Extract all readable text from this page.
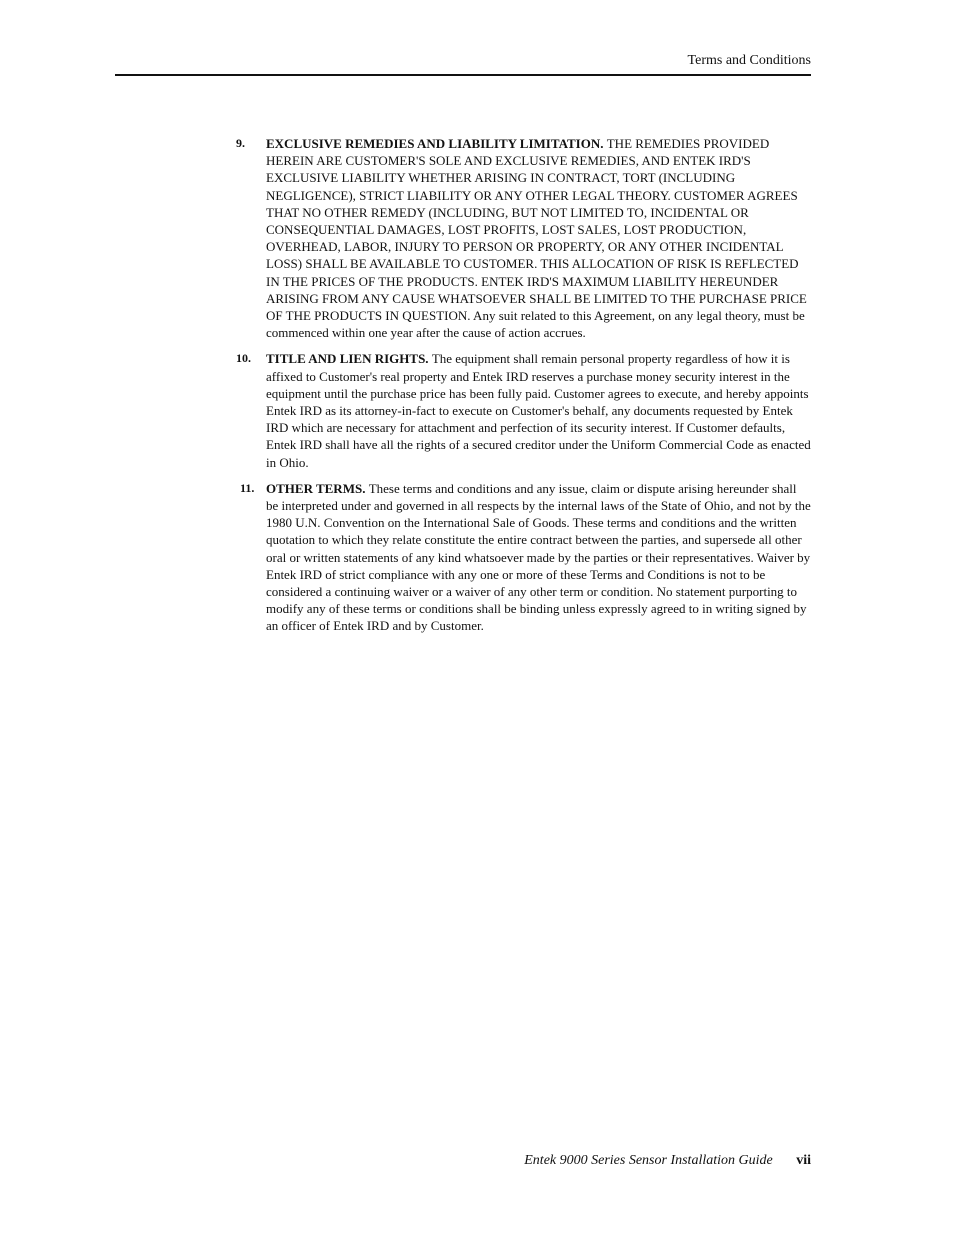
Terms and Conditions
9. EXCLUSIVE REMEDIES AND LIABILITY LIMITATION. THE REMEDIES PROVIDED HEREIN ARE CUSTOMER'S SOLE AND EXCLUSIVE REMEDIES, AND ENTEK IRD'S EXCLUSIVE LIABILITY WHETHER ARISING IN CONTRACT, TORT (INCLUDING NEGLIGENCE), STRICT LIABILITY OR ANY OTHER LEGAL THEORY. CUSTOMER AGREES THAT NO OTHER REMEDY (INCLUDING, BUT NOT LIMITED TO, INCIDENTAL OR CONSEQUENTIAL DAMAGES, LOST PROFITS, LOST SALES, LOST PRODUCTION, OVERHEAD, LABOR, INJURY TO PERSON OR PROPERTY, OR ANY OTHER INCIDENTAL LOSS) SHALL BE AVAILABLE TO CUSTOMER. THIS ALLOCATION OF RISK IS REFLECTED IN THE PRICES OF THE PRODUCTS. ENTEK IRD'S MAXIMUM LIABILITY HEREUNDER ARISING FROM ANY CAUSE WHATSOEVER SHALL BE LIMITED TO THE PURCHASE PRICE OF THE PRODUCTS IN QUESTION. Any suit related to this Agreement, on any legal theory, must be commenced within one year after the cause of action accrues.
10. TITLE AND LIEN RIGHTS. The equipment shall remain personal property regardless of how it is affixed to Customer's real property and Entek IRD reserves a purchase money security interest in the equipment until the purchase price has been fully paid. Customer agrees to execute, and hereby appoints Entek IRD as its attorney-in-fact to execute on Customer's behalf, any documents requested by Entek IRD which are necessary for attachment and perfection of its security interest. If Customer defaults, Entek IRD shall have all the rights of a secured creditor under the Uniform Commercial Code as enacted in Ohio.
11. OTHER TERMS. These terms and conditions and any issue, claim or dispute arising hereunder shall be interpreted under and governed in all respects by the internal laws of the State of Ohio, and not by the 1980 U.N. Convention on the International Sale of Goods. These terms and conditions and the written quotation to which they relate constitute the entire contract between the parties, and supersede all other oral or written statements of any kind whatsoever made by the parties or their representatives. Waiver by Entek IRD of strict compliance with any one or more of these Terms and Conditions is not to be considered a continuing waiver or a waiver of any other term or condition. No statement purporting to modify any of these terms or conditions shall be binding unless expressly agreed to in writing signed by an officer of Entek IRD and by Customer.
Entek 9000 Series Sensor Installation Guide vii
